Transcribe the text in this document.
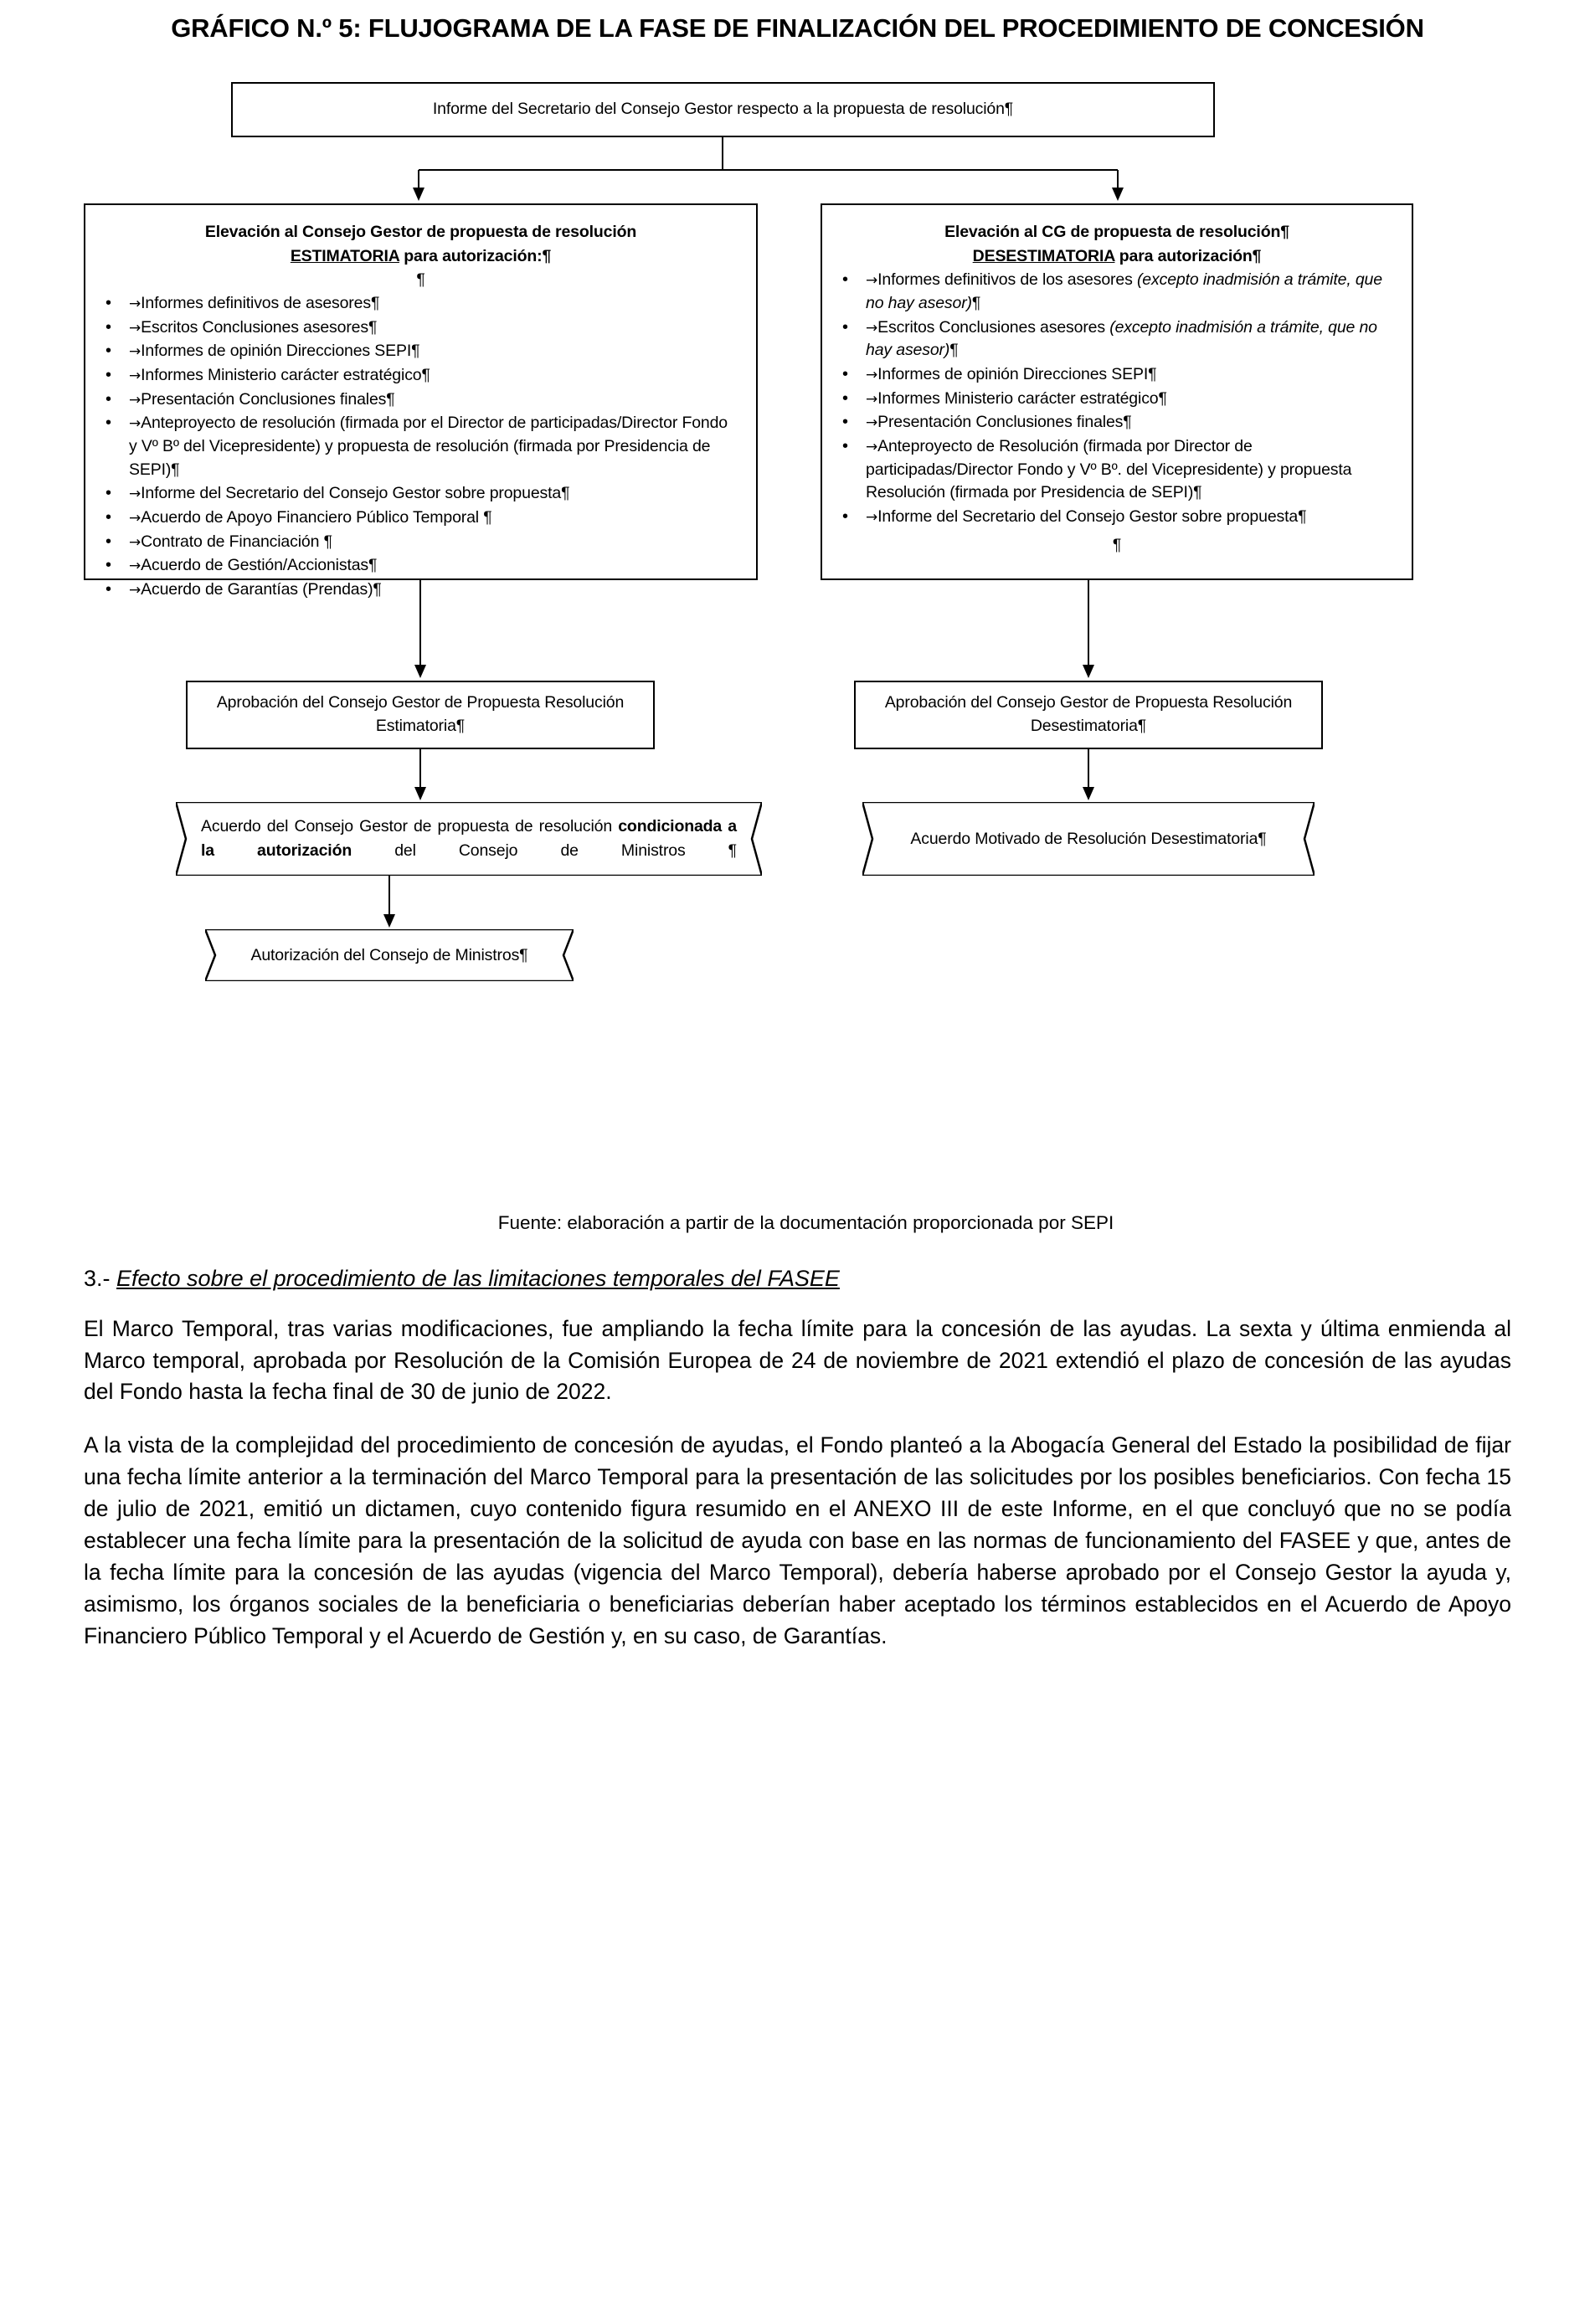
GRÁFICO N.º 5: FLUJOGRAMA DE LA FASE DE FINALIZACIÓN DEL PROCEDIMIENTO DE CONCESIÓN
Informe del Secretario del Consejo Gestor respecto a la propuesta de resolución¶
Elevación al Consejo Gestor de propuesta de resolución
ESTIMATORIA para autorización:¶
¶
• →Informes definitivos de asesores¶
• →Escritos Conclusiones asesores¶
• →Informes de opinión Direcciones SEPI¶
• →Informes Ministerio carácter estratégico¶
• →Presentación Conclusiones finales¶
• →Anteproyecto de resolución (firmada por el Director de participadas/Director Fondo y Vº Bº del Vicepresidente) y propuesta de resolución (firmada por Presidencia de SEPI)¶
• →Informe del Secretario del Consejo Gestor sobre propuesta¶
• →Acuerdo de Apoyo Financiero Público Temporal ¶
• →Contrato de Financiación ¶
• →Acuerdo de Gestión/Accionistas¶
• →Acuerdo de Garantías (Prendas)¶
Elevación al CG de propuesta de resolución¶
DESESTIMATORIA para autorización¶
• →Informes definitivos de los asesores (excepto inadmisión a trámite, que no hay asesor)¶
• →Escritos Conclusiones asesores (excepto inadmisión a trámite, que no hay asesor)¶
• →Informes de opinión Direcciones SEPI¶
• →Informes Ministerio carácter estratégico¶
• →Presentación Conclusiones finales¶
• →Anteproyecto de Resolución (firmada por Director de participadas/Director Fondo y Vº Bº. del Vicepresidente) y propuesta Resolución (firmada por Presidencia de SEPI)¶
• →Informe del Secretario del Consejo Gestor sobre propuesta¶
¶
Aprobación del Consejo Gestor de Propuesta Resolución Estimatoria¶
Aprobación del Consejo Gestor de Propuesta Resolución Desestimatoria¶
Acuerdo del Consejo Gestor de propuesta de resolución condicionada a la autorización del Consejo de Ministros ¶
Acuerdo Motivado de Resolución Desestimatoria¶
Autorización del Consejo de Ministros¶
Fuente: elaboración a partir de la documentación proporcionada por SEPI
3.- Efecto sobre el procedimiento de las limitaciones temporales del FASEE

El Marco Temporal, tras varias modificaciones, fue ampliando la fecha límite para la concesión de las ayudas. La sexta y última enmienda al Marco temporal, aprobada por Resolución de la Comisión Europea de 24 de noviembre de 2021 extendió el plazo de concesión de las ayudas del Fondo hasta la fecha final de 30 de junio de 2022.

A la vista de la complejidad del procedimiento de concesión de ayudas, el Fondo planteó a la Abogacía General del Estado la posibilidad de fijar una fecha límite anterior a la terminación del Marco Temporal para la presentación de las solicitudes por los posibles beneficiarios. Con fecha 15 de julio de 2021, emitió un dictamen, cuyo contenido figura resumido en el ANEXO III de este Informe, en el que concluyó que no se podía establecer una fecha límite para la presentación de la solicitud de ayuda con base en las normas de funcionamiento del FASEE y que, antes de la fecha límite para la concesión de las ayudas (vigencia del Marco Temporal), debería haberse aprobado por el Consejo Gestor la ayuda y, asimismo, los órganos sociales de la beneficiaria o beneficiarias deberían haber aceptado los términos establecidos en el Acuerdo de Apoyo Financiero Público Temporal y el Acuerdo de Gestión y, en su caso, de Garantías.
